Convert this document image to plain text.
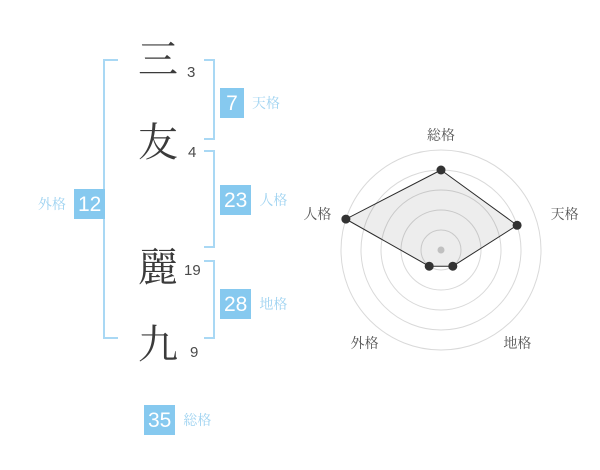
三
友
麗
九
3
4
19
9
外格 12
7	天格
23 人格
28 地格
35 総格
総格
天格
地格
外格
人格
